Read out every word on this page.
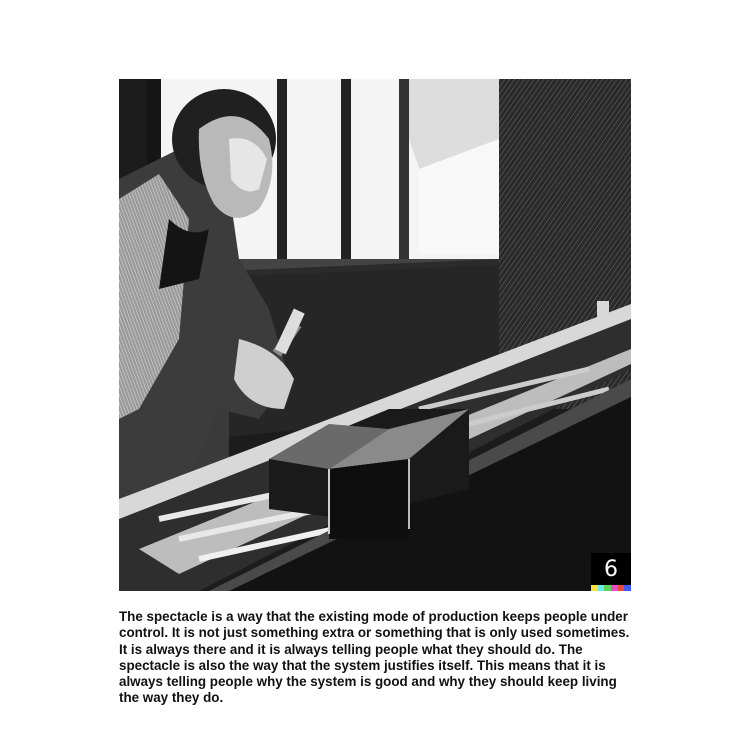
6

The spectacle is a way that the existing mode of production keeps people under control. It is not just something extra or something that is only used sometimes. It is always there and it is always telling people what they should do. The spectacle is also the way that the system justifies itself. This means that it is always telling people why the system is good and why they should keep living the way they do.
